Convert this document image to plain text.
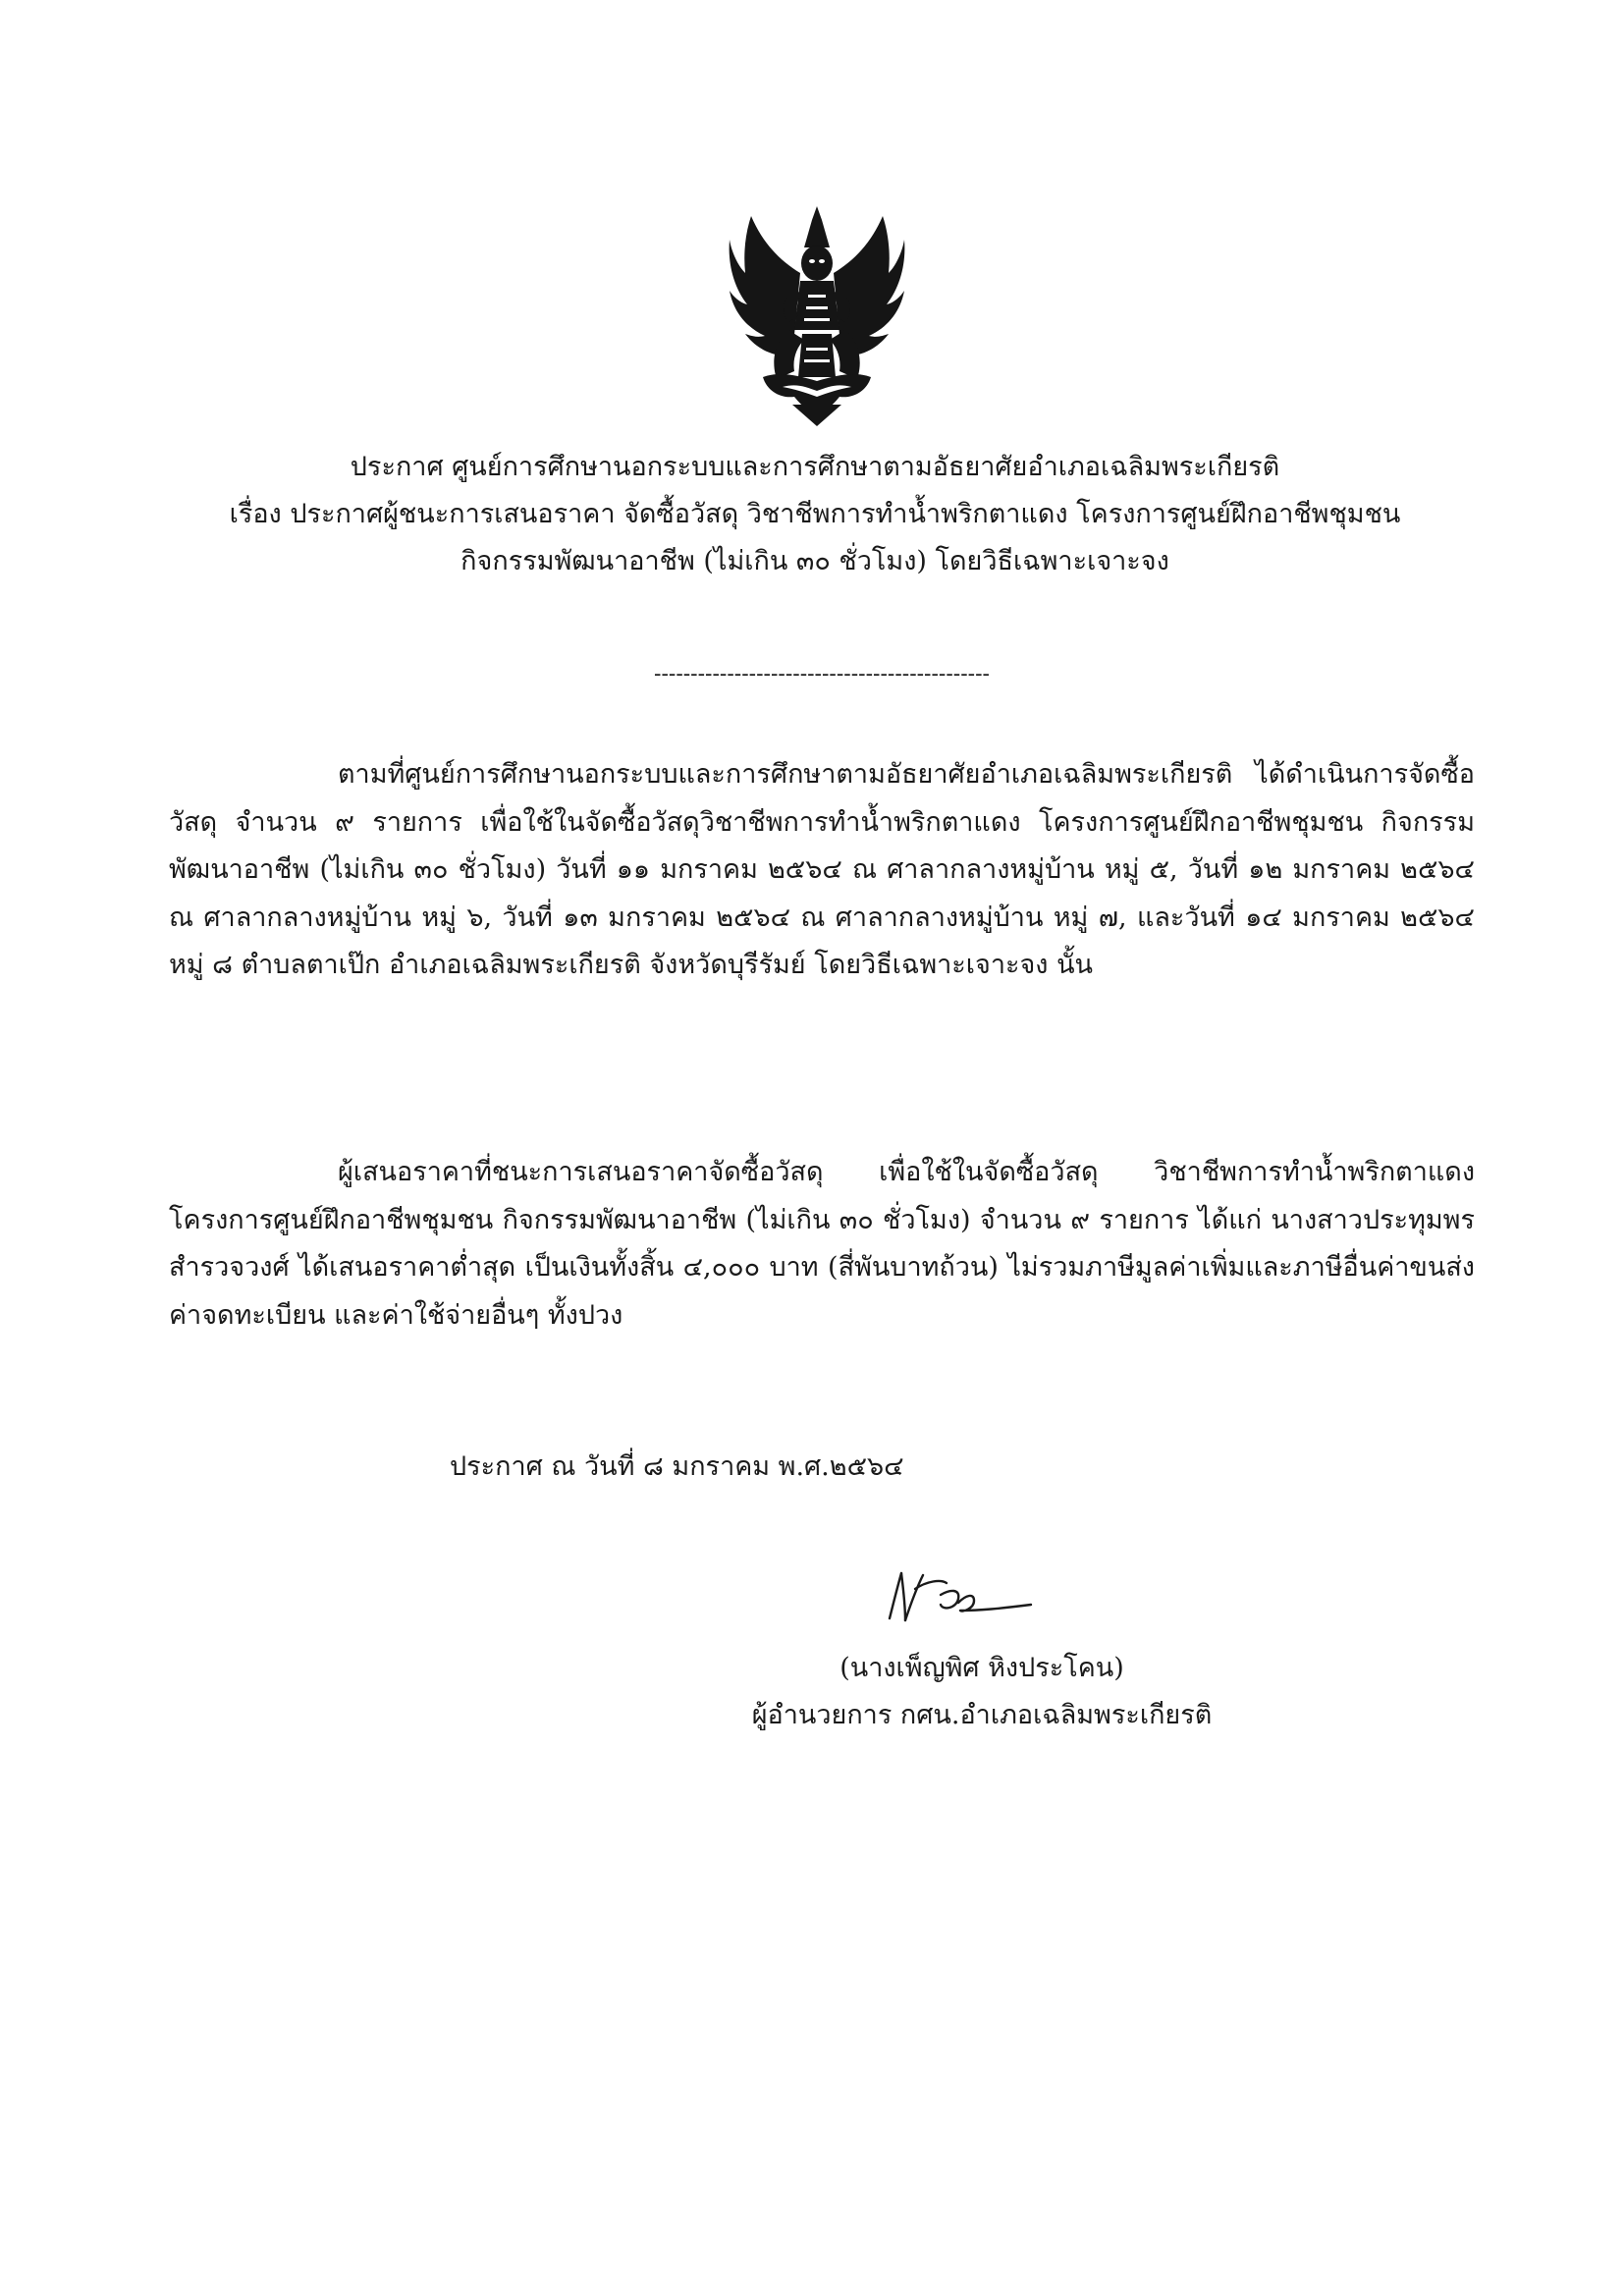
ประกาศ ศูนย์การศึกษานอกระบบและการศึกษาตามอัธยาศัยอำเภอเฉลิมพระเกียรติ

เรื่อง ประกาศผู้ชนะการเสนอราคา จัดซื้อวัสดุ วิชาชีพการทำน้ำพริกตาแดง โครงการศูนย์ฝึกอาชีพชุมชน

กิจกรรมพัฒนาอาชีพ (ไม่เกิน ๓๐ ชั่วโมง) โดยวิธีเฉพาะเจาะจง

----------------------------------------------

ตามที่ศูนย์การศึกษานอกระบบและการศึกษาตามอัธยาศัยอำเภอเฉลิมพระเกียรติ ได้ดำเนินการจัดซื้อวัสดุ จำนวน ๙ รายการ เพื่อใช้ในจัดซื้อวัสดุวิชาชีพการทำน้ำพริกตาแดง โครงการศูนย์ฝึกอาชีพชุมชน กิจกรรมพัฒนาอาชีพ (ไม่เกิน ๓๐ ชั่วโมง) วันที่ ๑๑ มกราคม ๒๕๖๔ ณ ศาลากลางหมู่บ้าน หมู่ ๕, วันที่ ๑๒ มกราคม ๒๕๖๔ ณ ศาลากลางหมู่บ้าน หมู่ ๖, วันที่ ๑๓ มกราคม ๒๕๖๔ ณ ศาลากลางหมู่บ้าน หมู่ ๗, และวันที่ ๑๔ มกราคม ๒๕๖๔ หมู่ ๘ ตำบลตาเป๊ก อำเภอเฉลิมพระเกียรติ จังหวัดบุรีรัมย์ โดยวิธีเฉพาะเจาะจง นั้น

ผู้เสนอราคาที่ชนะการเสนอราคาจัดซื้อวัสดุ เพื่อใช้ในจัดซื้อวัสดุ วิชาชีพการทำน้ำพริกตาแดง โครงการศูนย์ฝึกอาชีพชุมชน กิจกรรมพัฒนาอาชีพ (ไม่เกิน ๓๐ ชั่วโมง) จำนวน ๙ รายการ ได้แก่ นางสาวประทุมพร สำรวจวงศ์ ได้เสนอราคาต่ำสุด เป็นเงินทั้งสิ้น ๔,๐๐๐ บาท (สี่พันบาทถ้วน) ไม่รวมภาษีมูลค่าเพิ่มและภาษีอื่นค่าขนส่ง ค่าจดทะเบียน และค่าใช้จ่ายอื่นๆ ทั้งปวง

ประกาศ ณ วันที่ ๘ มกราคม พ.ศ.๒๕๖๔

(นางเพ็ญพิศ หิงประโคน)

ผู้อำนวยการ กศน.อำเภอเฉลิมพระเกียรติ
